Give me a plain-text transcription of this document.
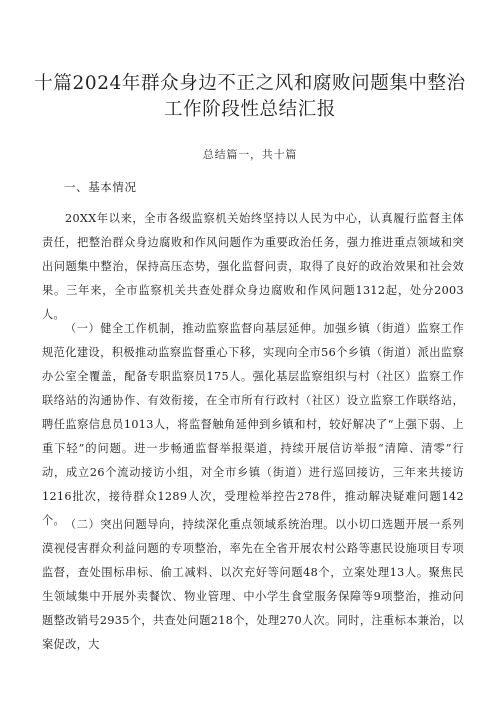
十篇2024年群众身边不正之风和腐败问题集中整治工作阶段性总结汇报
总结篇一，共十篇
一、基本情况

20XX年以来，全市各级监察机关始终坚持以人民为中心，认真履行监督主体责任，把整治群众身边腐败和作风问题作为重要政治任务，强力推进重点领域和突出问题集中整治，保持高压态势，强化监督问责，取得了良好的政治效果和社会效果。三年来，全市监察机关共查处群众身边腐败和作风问题1312起，处分2003人。

（一）健全工作机制，推动监察监督向基层延伸。加强乡镇（街道）监察工作规范化建设，积极推动监察监督重心下移，实现向全市56个乡镇（街道）派出监察办公室全覆盖，配备专职监察员175人。强化基层监察组织与村（社区）监察工作联络站的沟通协作、有效衔接，在全市所有行政村（社区）设立监察工作联络站，聘任监察信息员1013人，将监督触角延伸到乡镇和村，较好解决了“上强下弱、上重下轻”的问题。进一步畅通监督举报渠道，持续开展信访举报“清障、清零”行动，成立26个流动接访小组，对全市乡镇（街道）进行巡回接访，三年来共接访1216批次，接待群众1289人次，受理检举控告278件，推动解决疑难问题142个。 （二）突出问题导向，持续深化重点领域系统治理。以小切口选题开展一系列漠视侵害群众利益问题的专项整治，率先在全省开展农村公路等惠民设施项目专项监督，查处围标串标、偷工减料、以次充好等问题48个，立案处理13人。聚焦民生领域集中开展外卖餐饮、物业管理、中小学生食堂服务保障等9项整治，推动问题整改销号2935个，共查处问题218个，处理270人次。同时，注重标本兼治，以案促改，大
